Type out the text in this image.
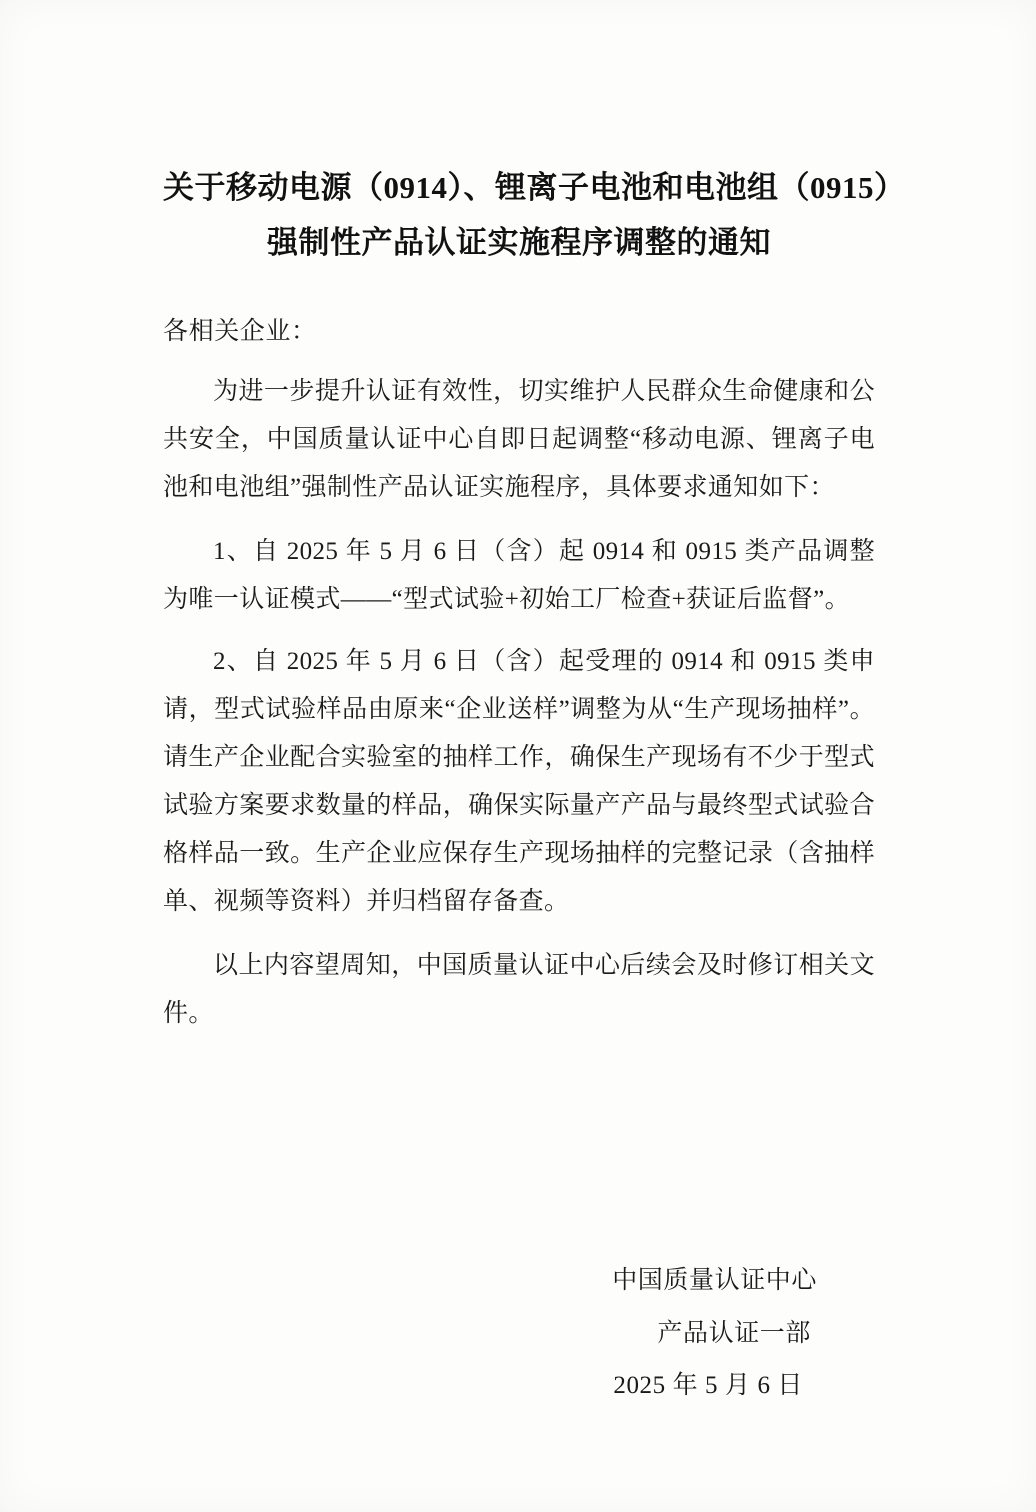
关于移动电源（0914）、锂离子电池和电池组（0915）
强制性产品认证实施程序调整的通知
各相关企业：

为进一步提升认证有效性，切实维护人民群众生命健康和公共安全，中国质量认证中心自即日起调整“移动电源、锂离子电池和电池组”强制性产品认证实施程序，具体要求通知如下：

1、自 2025 年 5 月 6 日（含）起 0914 和 0915 类产品调整为唯一认证模式——“型式试验+初始工厂检查+获证后监督”。

2、自 2025 年 5 月 6 日（含）起受理的 0914 和 0915 类申请，型式试验样品由原来“企业送样”调整为从“生产现场抽样”。请生产企业配合实验室的抽样工作，确保生产现场有不少于型式试验方案要求数量的样品，确保实际量产产品与最终型式试验合格样品一致。生产企业应保存生产现场抽样的完整记录（含抽样单、视频等资料）并归档留存备查。

以上内容望周知，中国质量认证中心后续会及时修订相关文件。

中国质量认证中心
产品认证一部
2025 年 5 月 6 日
